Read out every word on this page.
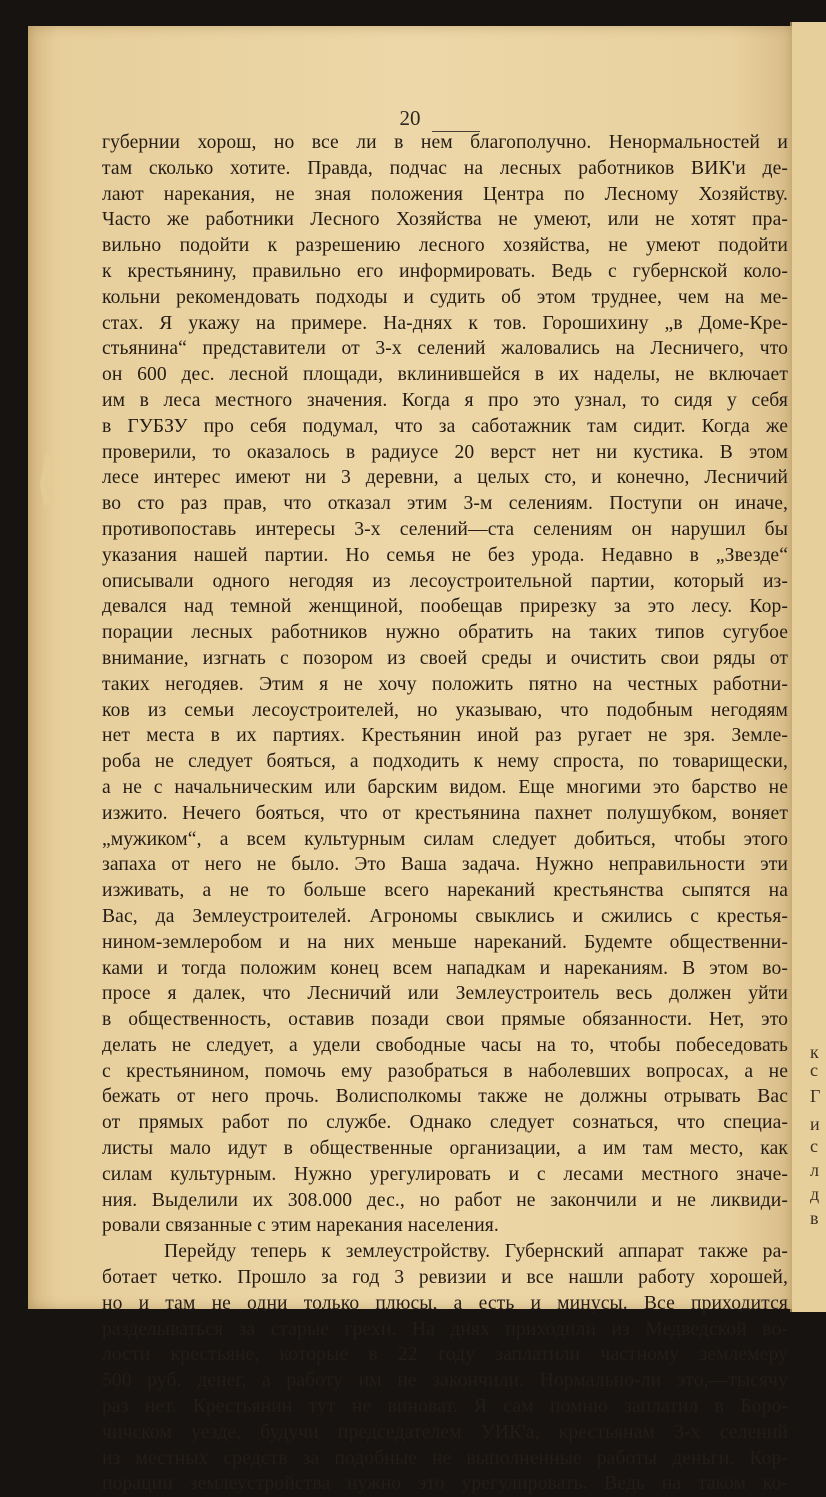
с
Г
и
с
л
д
в
к
20
губернии хорош, но все ли в нем благополучно. Ненормальностей и
там сколько хотите. Правда, подчас на лесных работников ВИК'и де-
лают нарекания, не зная положения Центра по Лесному Хозяйству.
Часто же работники Лесного Хозяйства не умеют, или не хотят пра-
вильно подойти к разрешению лесного хозяйства, не умеют подойти
к крестьянину, правильно его информировать. Ведь с губернской коло-
кольни рекомендовать подходы и судить об этом труднее, чем на ме-
стах. Я укажу на примере. На-днях к тов. Горошихину „в Доме-Кре-
стьянина“ представители от 3-х селений жаловались на Лесничего, что
он 600 дес. лесной площади, вклинившейся в их наделы, не включает
им в леса местного значения. Когда я про это узнал, то сидя у себя
в ГУБЗУ про себя подумал, что за саботажник там сидит. Когда же
проверили, то оказалось в радиусе 20 верст нет ни кустика. В этом
лесе интерес имеют ни 3 деревни, а целых сто, и конечно, Лесничий
во сто раз прав, что отказал этим 3-м селениям. Поступи он иначе,
противопоставь интересы 3-х селений—ста селениям он нарушил бы
указания нашей партии. Но семья не без урода. Недавно в „Звезде“
описывали одного негодяя из лесоустроительной партии, который из-
девался над темной женщиной, пообещав прирезку за это лесу. Кор-
порации лесных работников нужно обратить на таких типов сугубое
внимание, изгнать с позором из своей среды и очистить свои ряды от
таких негодяев. Этим я не хочу положить пятно на честных работни-
ков из семьи лесоустроителей, но указываю, что подобным негодяям
нет места в их партиях. Крестьянин иной раз ругает не зря. Земле-
роба не следует бояться, а подходить к нему спроста, по товарищески,
а не с начальническим или барским видом. Еще многими это барство не
изжито. Нечего бояться, что от крестьянина пахнет полушубком, воняет
„мужиком“, а всем культурным силам следует добиться, чтобы этого
запаха от него не было. Это Ваша задача. Нужно неправильности эти
изживать, а не то больше всего нареканий крестьянства сыпятся на
Вас, да Землеустроителей. Агрономы свыклись и сжились с крестья-
нином-землеробом и на них меньше нареканий. Будемте общественни-
ками и тогда положим конец всем нападкам и нареканиям. В этом во-
просе я далек, что Лесничий или Землеустроитель весь должен уйти
в общественность, оставив позади свои прямые обязанности. Нет, это
делать не следует, а удели свободные часы на то, чтобы побеседовать
с крестьянином, помочь ему разобраться в наболевших вопросах, а не
бежать от него прочь. Волисполкомы также не должны отрывать Вас
от прямых работ по службе. Однако следует сознаться, что специа-
листы мало идут в общественные организации, а им там место, как
силам культурным. Нужно урегулировать и с лесами местного значе-
ния. Выделили их 308.000 дес., но работ не закончили и не ликвиди-
ровали связанные с этим нарекания населения.
Перейду теперь к землеустройству. Губернский аппарат также ра-
ботает четко. Прошло за год 3 ревизии и все нашли работу хорошей,
но и там не одни только плюсы, а есть и минусы. Все приходится
разделываться за старые грехи. На днях приходили из Медведской во-
лости крестьяне, которые в 22 году заплатили частному землемеру
500 руб. денег, а работу им не закончили. Нормально-ли это,—тысячу
раз нет. Крестьянин тут не виноват. Я сам помню заплатил в Боро-
чичском уезде, будучи председателем УИК'а, крестьянам 3-х селений
из местных средств за подобные не выполненные работы деньги. Кор-
порации землеустройства нужно это урегулировать. Ведь на таком ко-
